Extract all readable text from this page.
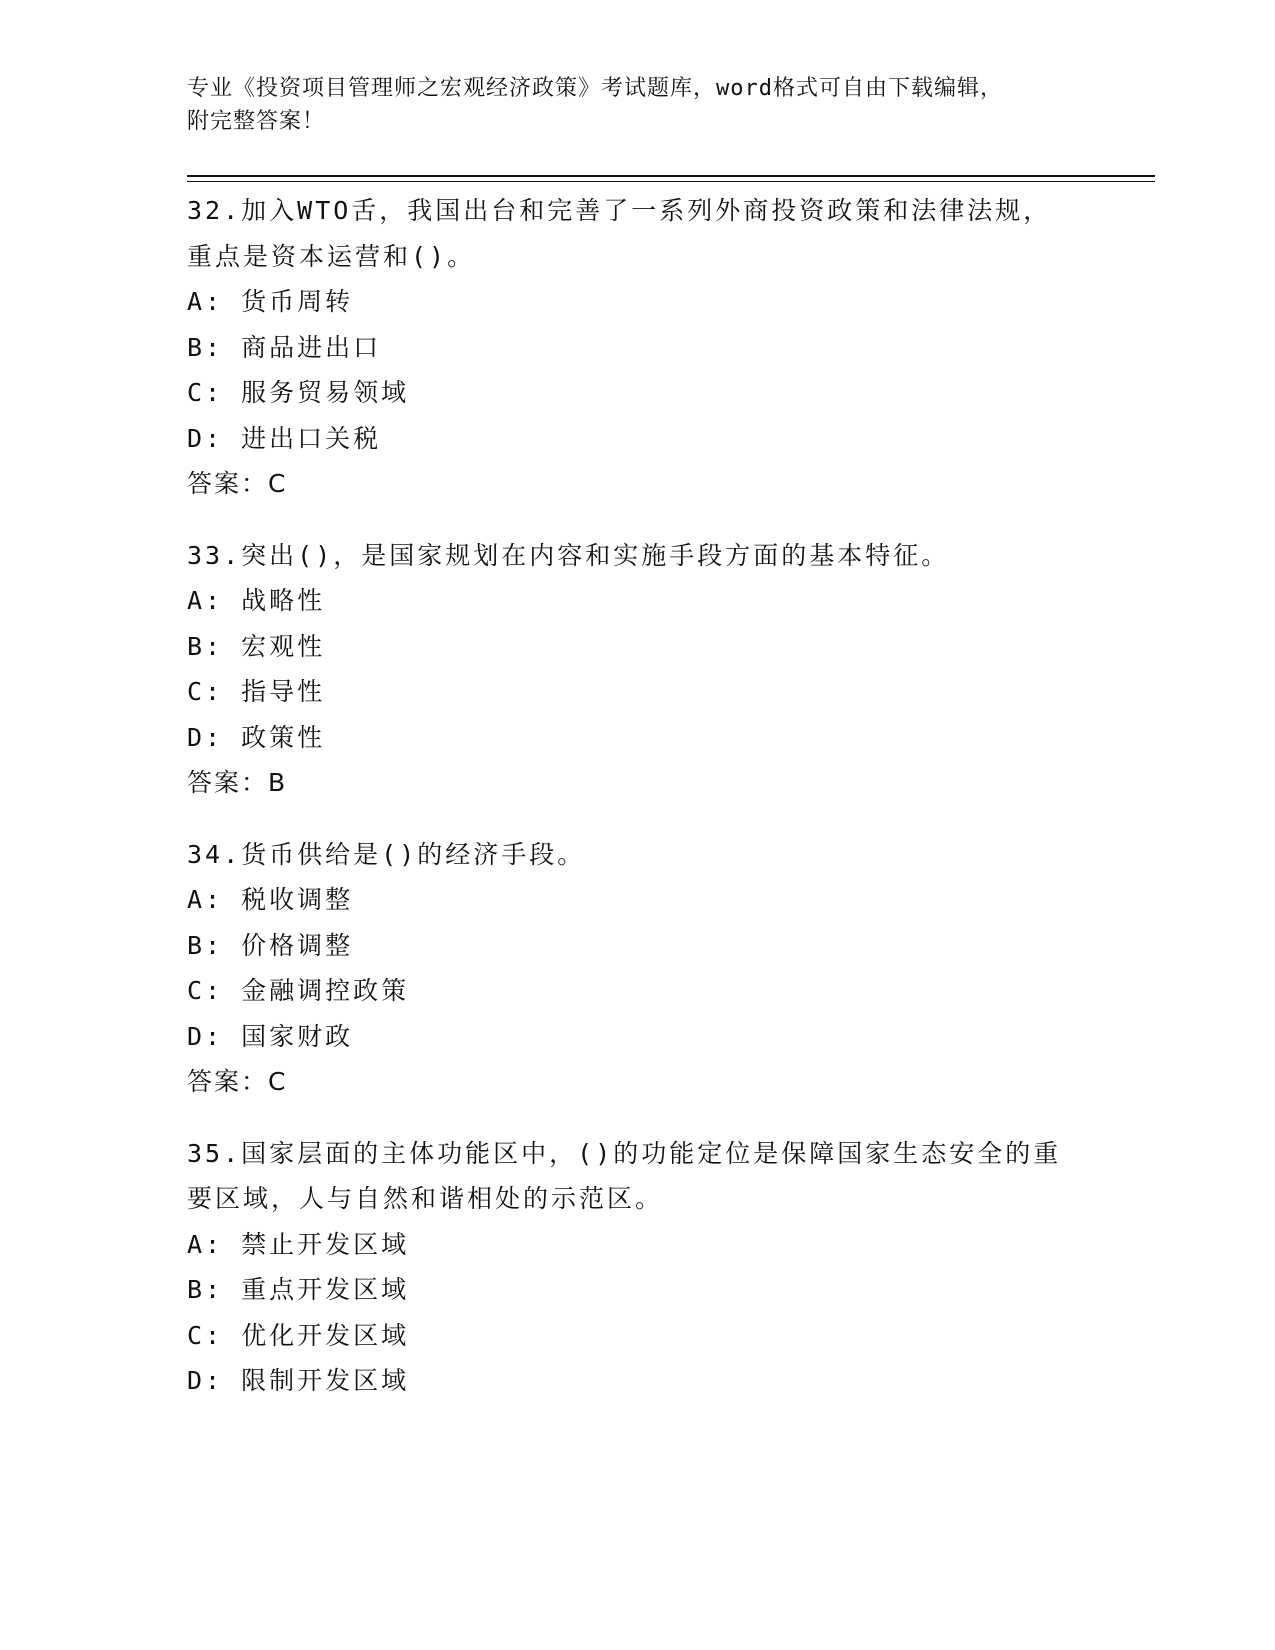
专业《投资项目管理师之宏观经济政策》考试题库，word格式可自由下载编辑，
附完整答案！
32.加入WTO舌，我国出台和完善了一系列外商投资政策和法律法规，
重点是资本运营和()。
A: 货币周转
B: 商品进出口
C: 服务贸易领域
D: 进出口关税
答案：C
33.突出()，是国家规划在内容和实施手段方面的基本特征。
A: 战略性
B: 宏观性
C: 指导性
D: 政策性
答案：B
34.货币供给是()的经济手段。
A: 税收调整
B: 价格调整
C: 金融调控政策
D: 国家财政
答案：C
35.国家层面的主体功能区中，()的功能定位是保障国家生态安全的重
要区域，人与自然和谐相处的示范区。
A: 禁止开发区域
B: 重点开发区域
C: 优化开发区域
D: 限制开发区域
